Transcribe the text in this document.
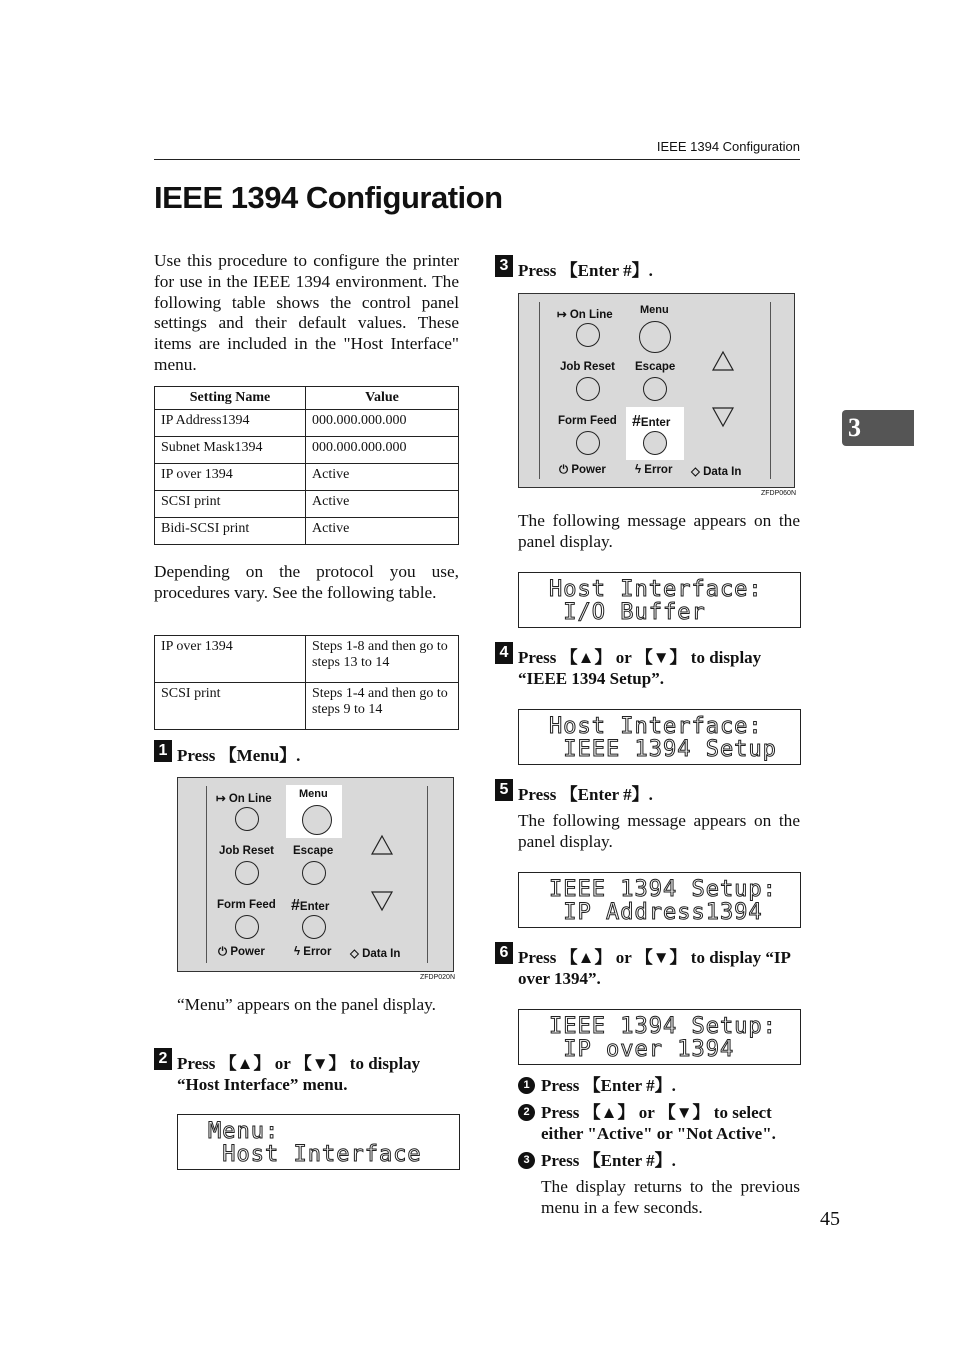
IEEE 1394 Configuration
IEEE 1394 Configuration
3
Use this procedure to configure the printer for use in the IEEE 1394 environment. The following table shows the control panel settings and their default values. These items are included in the "Host Interface" menu.
Setting Name	Value
IP Address1394	000.000.000.000
Subnet Mask1394	000.000.000.000
IP over 1394	Active
SCSI print	Active
Bidi-SCSI print	Active
Depending on the protocol you use, procedures vary. See the following table.
IP over 1394	Steps 1-8 and then go to steps 13 to 14
SCSI print	Steps 1-4 and then go to steps 9 to 14
1 Press 【Menu】.
↦ On Line Menu
Job Reset Escape
Form Feed #Enter
⏻ Power	ϟ Error ◇ Data In
ZFDP020N
“Menu” appears on the panel display.
2 Press 【▲】 or 【▼】 to display “Host Interface” menu.
Menu:
Host Interface
3 Press 【Enter #】.
↦ On Line Menu
Job Reset Escape
Form Feed #Enter
⏻ Power	ϟ Error ◇ Data In
ZFDP060N
The following message appears on the panel display.
Host Interface:
I/O Buffer
4 Press 【▲】 or 【▼】 to display “IEEE 1394 Setup”.
Host Interface:
IEEE 1394 Setup
5 Press 【Enter #】.
The following message appears on the panel display.
IEEE 1394 Setup:
IP Address1394
6 Press 【▲】 or 【▼】 to display “IP over 1394”.
IEEE 1394 Setup:
IP over 1394
1 Press 【Enter #】.
2 Press 【▲】 or 【▼】 to select either "Active" or "Not Active".
3 Press 【Enter #】.
The display returns to the previous menu in a few seconds.
45
